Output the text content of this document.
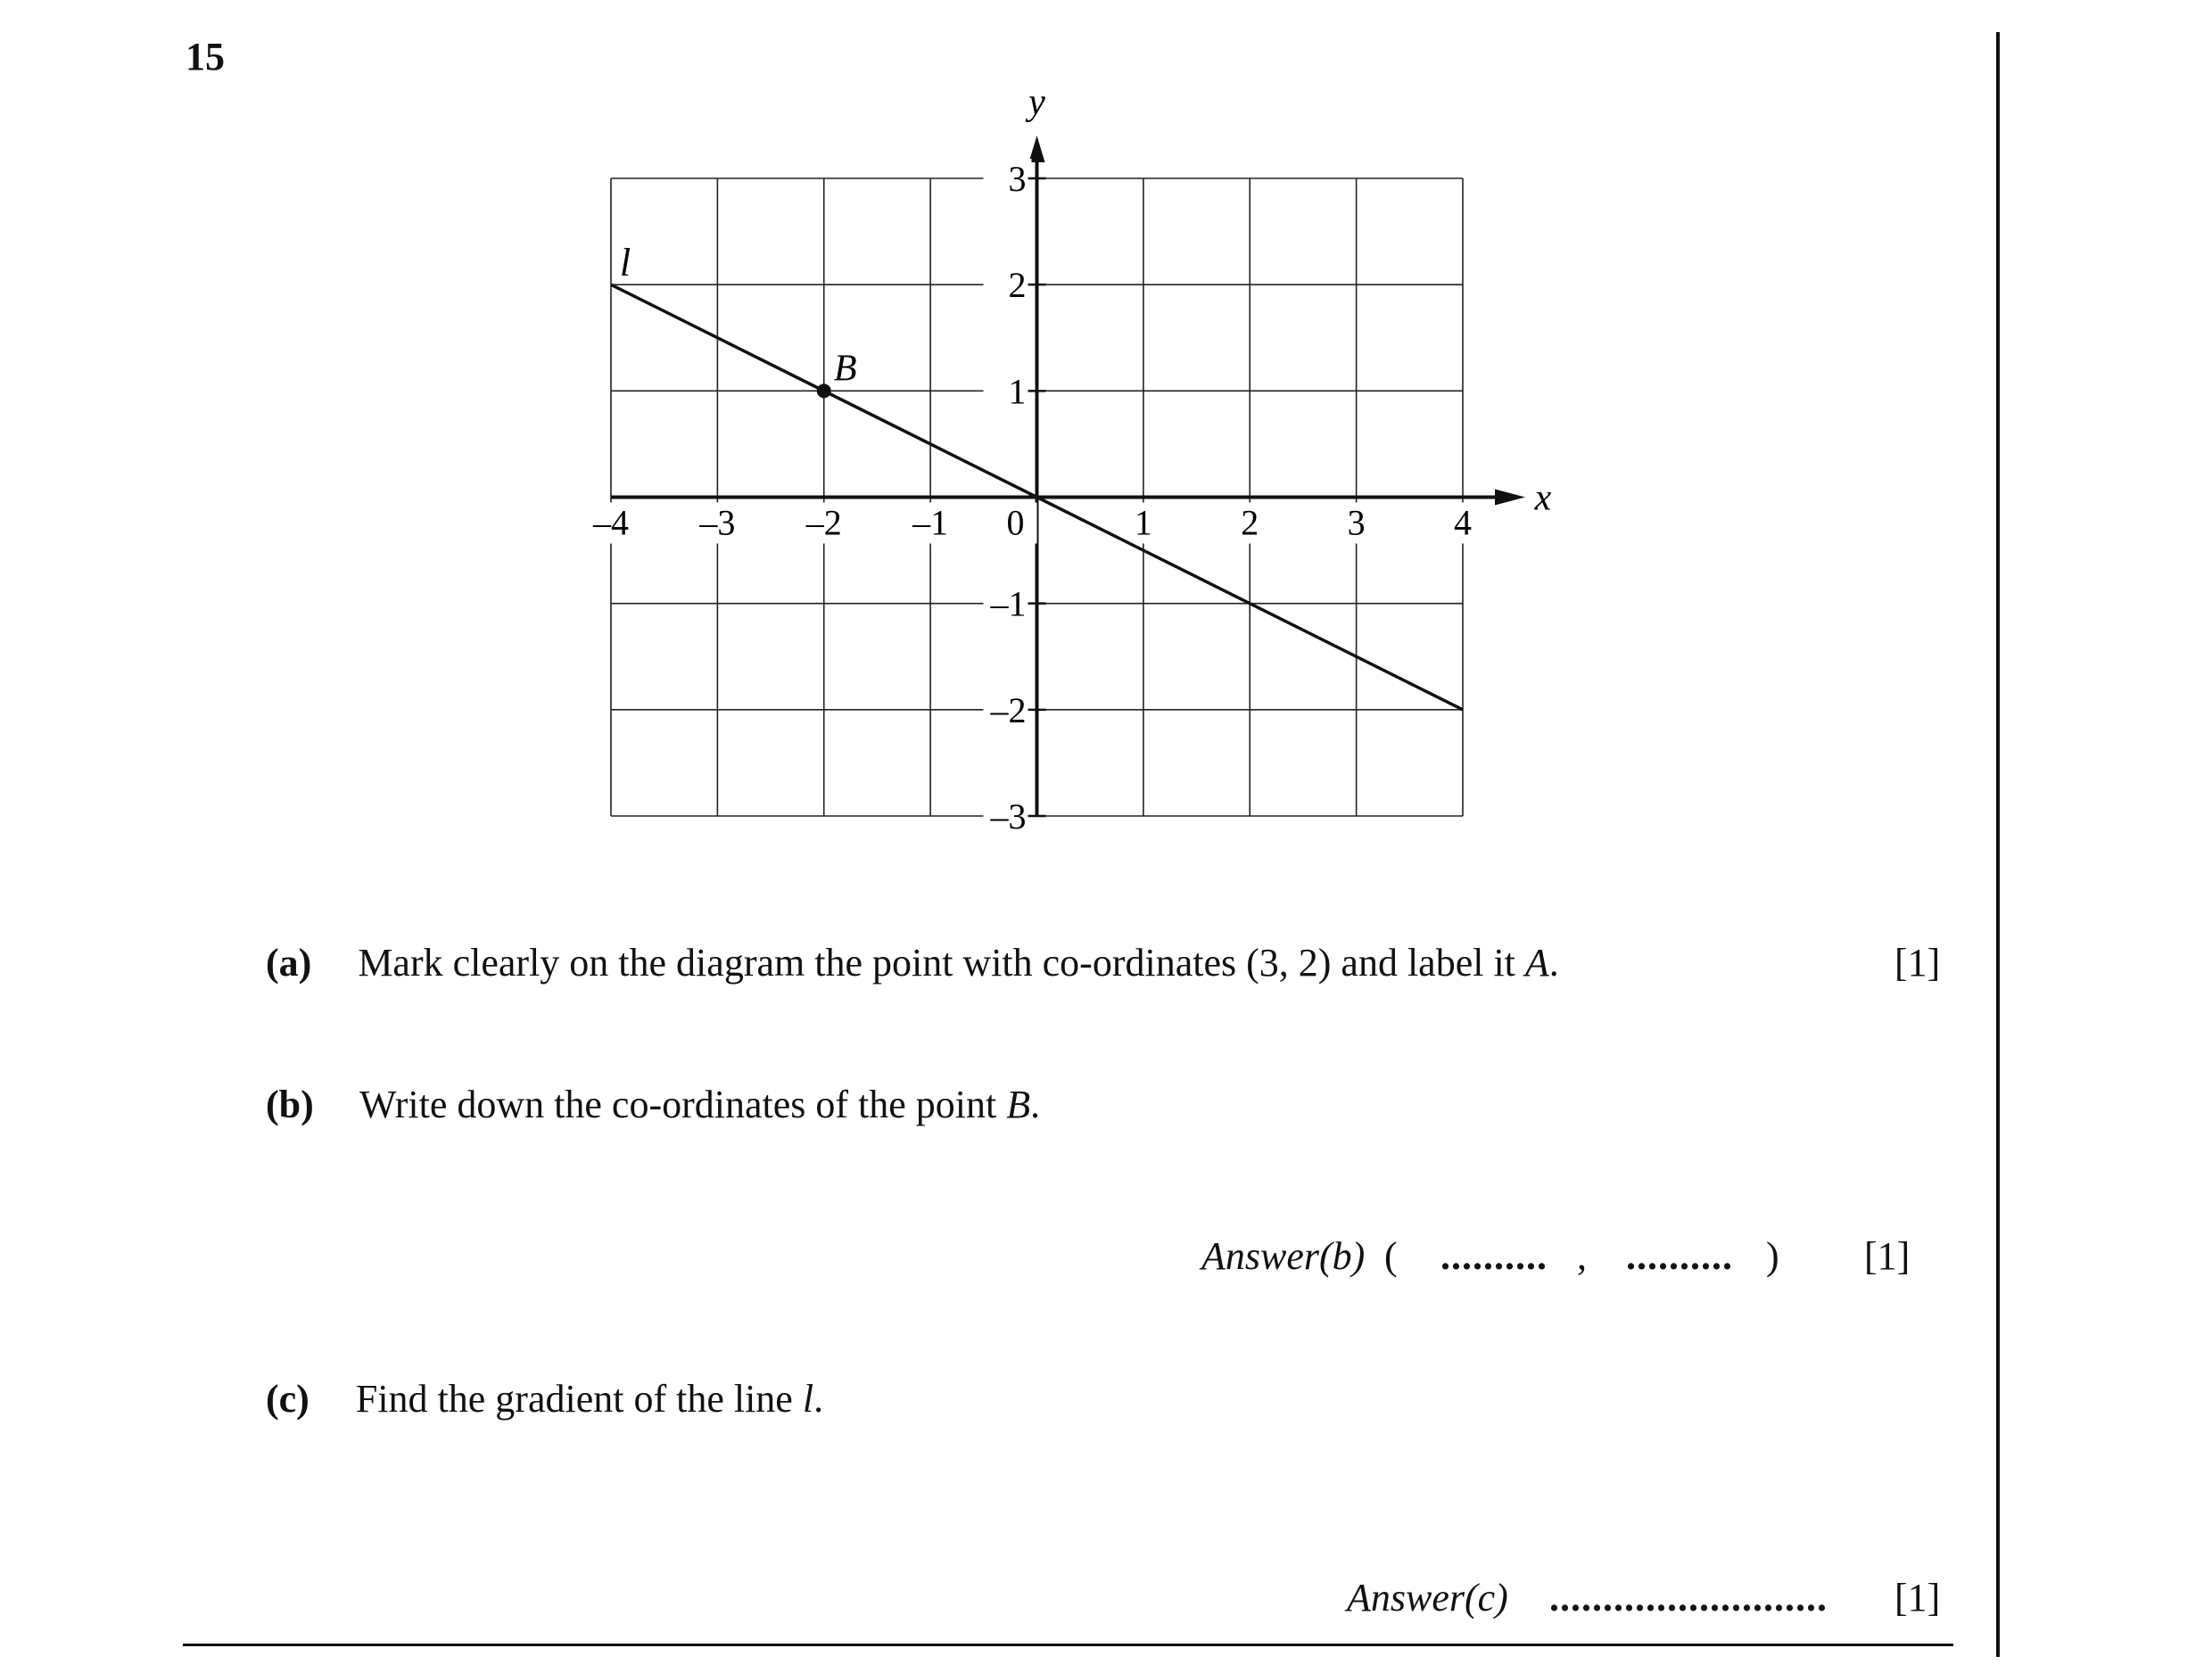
15
x
y
–4 –3 –2 –1 0	1 2 3 4
3
2
1
–1
–2
–3
l
B
(a) Mark clearly on the diagram the point with co-ordinates (3, 2) and label it A.	[1]
(b) Write down the co-ordinates of the point B.
Answer(b) ( .......... , .......... ) [1]
(c) Find the gradient of the line l.
Answer(c) .......................... [1]
